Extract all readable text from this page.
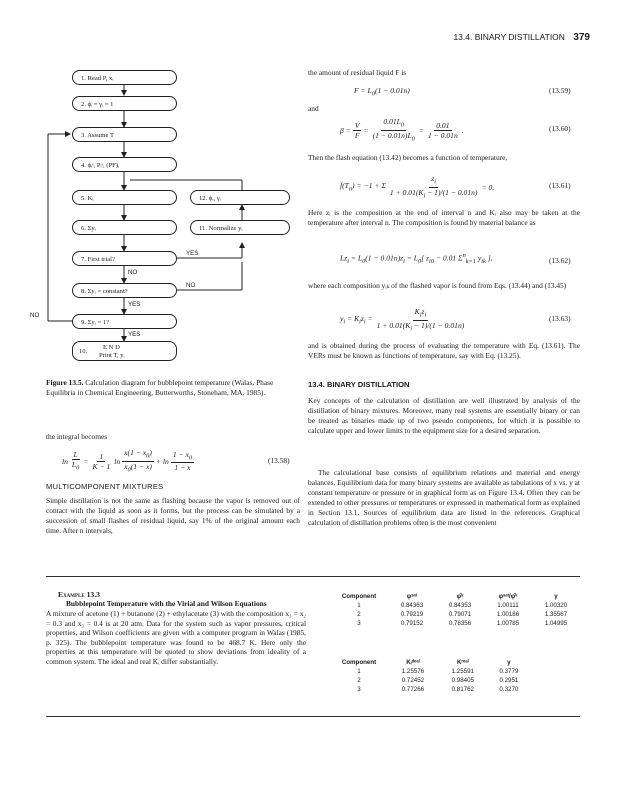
13.4. BINARY DISTILLATION 379
1. Read P, xᵢ
2. ϕᵢ = γᵢ = 1
3. Assume T
4. ϕᵢˢ, Pᵢˢ, (PF)ᵢ
5. Kᵢ
6. Σyᵢ
7. First trial?
8. Σyᵢ = constant?
9. Σyᵢ = 1?
10.
E N D
Print T, yᵢ
11. Normalize yᵢ
12. ϕᵢ, γᵢ
YES
NO
NO
YES
NO
YES
Figure 13.5. Calculation diagram for bubblepoint temperature (Walas, Phase Equilibria in Chemical Engineering, Butterworths, Stoneham, MA, 1985).
the integral becomes
$\ln \frac{L}{L_0} = \frac{1}{K - 1}$ $\ln \frac{x(1 - x_0)}{x_0(1 - x)} + \ln \frac{1 - x_0}{1 - x}$	(13.58)
MULTICOMPONENT MIXTURES
Simple distillation is not the same as flashing because the vapor is removed out of contact with the liquid as soon as it forms, but the process can be simulated by a succession of small flashes of residual liquid, say 1% of the original amount each time. After n intervals,
the amount of residual liquid F is
$F = L_0(1 - 0.01n)$	(13.59)
and
$\beta = \frac{V}{F} = \frac{0.01L_0}{(1 - 0.01n)L_0} = \frac{0.01}{1 - 0.01n}$ .	(13.60)
Then the flash equation (13.42) becomes a function of temperature,
$f(T_n) = -1 + \Sigma \frac{z_i}{1 + 0.01(K_i - 1)/(1 - 0.01n)} = 0$.	(13.61)
Here zᵢ is the composition at the end of interval n and Kᵢ also may be taken at the temperature after interval n. The composition is found by material balance as
$Lz_i = L_0(1 - 0.01n)z_i = L_0$[ $z_{i0} - 0.01$ $\Sigma^n_{k=1}$ $y_{ik}$ ],	(13.62)
where each composition yᵢₖ of the flashed vapor is found from Eqs. (13.44) and (13.45)
$y_i = K_iz_i = \frac{K_iz_i}{1 + 0.01(K_i - 1)/(1 - 0.01n)}$	(13.63)
and is obtained during the process of evaluating the temperature with Eq. (13.61). The VERs must be known as functions of temperature, say with Eq. (13.25).
13.4. BINARY DISTILLATION
Key concepts of the calculation of distillation are well illustrated by analysis of the distillation of binary mixtures. Moreover, many real systems are essentially binary or can be treated as binaries made up of two pseudo components, for which it is possible to calculate upper and lower limits to the equipment size for a desired separation.
The calculational base consists of equilibrium relations and material and energy balances. Equilibrium data for many binary systems are available as tabulations of x vs. y at constant temperature or pressure or in graphical form as on Figure 13.4. Often they can be extended to other pressures or temperatures or expressed in mathematical form as explained in Section 13.1. Sources of equilibrium data are listed in the references. Graphical calculation of distillation problems often is the most convenient
Example 13.3
Bubblepoint Temperature with the Virial and Wilson Equations
A mixture of acetone (1) + butanone (2) + ethylacetate (3) with the composition x₁ = x₂ = 0.3 and x₃ = 0.4 is at 20 atm. Data for the system such as vapor pressures, critical properties, and Wilson coefficients are given with a computer program in Walas (1985, p. 325). The bubblepoint temperature was found to be 468.7 K. Here only the properties at this temperature will be quoted to show deviations from ideality of a common system. The ideal and real Kᵢ differ substantially.
Component	φˢᵃᵗ	φ̂ᵛ	φˢᵃᵗ/φ̂ᵛ	γ
1	0.84363	0.84353	1.00111	1.00320
2	0.79219	0.79071	1.00186	1.35567
3	0.79152	0.78356	1.00785	1.04995
Component	Kᵢᵈᵉᵃˡ	Kʳᵉᵃˡ	y
1	1.25576	1.25591	0.3779
2	0.72452	0.98405	0.2951
3	0.77266	0.81762	0.3270
